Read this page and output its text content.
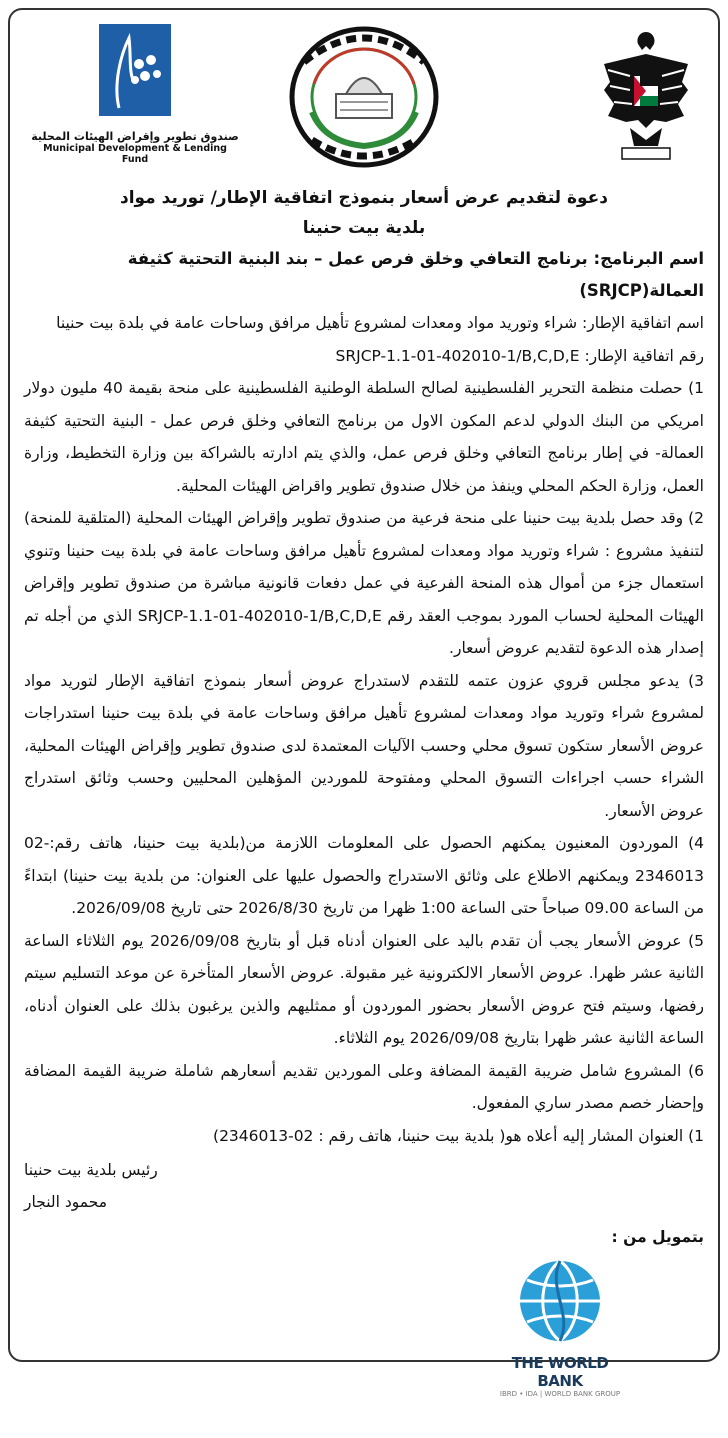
صندوق تطوير وإقراض الهيئات المحلية
Municipal Development & Lending Fund
دعوة لتقديم عرض أسعار بنموذج اتفاقية الإطار/ توريد مواد
بلدية بيت حنينا
اسم البرنامج: برنامج التعافي وخلق فرص عمل – بند البنية التحتية كثيفة العمالة(SRJCP)

اسم اتفاقية الإطار: شراء وتوريد مواد ومعدات لمشروع تأهيل مرافق وساحات عامة في بلدة بيت حنينا

رقم اتفاقية الإطار: SRJCP-1.1-01-402010-1/B,C,D,E

1) حصلت منظمة التحرير الفلسطينية لصالح السلطة الوطنية الفلسطينية على منحة بقيمة 40 مليون دولار امريكي من البنك الدولي لدعم المكون الاول من برنامج التعافي وخلق فرص عمل - البنية التحتية كثيفة العمالة- في إطار برنامج التعافي وخلق فرص عمل، والذي يتم ادارته بالشراكة بين وزارة التخطيط، وزارة العمل، وزارة الحكم المحلي وينفذ من خلال صندوق تطوير واقراض الهيئات المحلية.

2) وقد حصل بلدية بيت حنينا على منحة فرعية من صندوق تطوير وإقراض الهيئات المحلية (المتلقية للمنحة) لتنفيذ مشروع : شراء وتوريد مواد ومعدات لمشروع تأهيل مرافق وساحات عامة في بلدة بيت حنينا وتنوي استعمال جزء من أموال هذه المنحة الفرعية في عمل دفعات قانونية مباشرة من صندوق تطوير وإقراض الهيئات المحلية لحساب المورد بموجب العقد رقم SRJCP-1.1-01-402010-1/B,C,D,E الذي من أجله تم إصدار هذه الدعوة لتقديم عروض أسعار.

3) يدعو مجلس قروي عزون عتمه للتقدم لاستدراج عروض أسعار بنموذج اتفاقية الإطار لتوريد مواد لمشروع شراء وتوريد مواد ومعدات لمشروع تأهيل مرافق وساحات عامة في بلدة بيت حنينا استدراجات عروض الأسعار ستكون تسوق محلي وحسب الآليات المعتمدة لدى صندوق تطوير وإقراض الهيئات المحلية، الشراء حسب اجراءات التسوق المحلي ومفتوحة للموردين المؤهلين المحليين وحسب وثائق استدراج عروض الأسعار.

4) الموردون المعنيون يمكنهم الحصول على المعلومات اللازمة من(بلدية بيت حنينا، هاتف رقم:-02 2346013 ويمكنهم الاطلاع على وثائق الاستدراج والحصول عليها على العنوان: من بلدية بيت حنينا) ابتداءً من الساعة 09.00 صباحاً حتى الساعة 1:00 ظهرا من تاريخ 2026/8/30 حتى تاريخ 2026/09/08.

5) عروض الأسعار يجب أن تقدم باليد على العنوان أدناه قبل أو بتاريخ 2026/09/08 يوم الثلاثاء الساعة الثانية عشر ظهرا. عروض الأسعار الالكترونية غير مقبولة. عروض الأسعار المتأخرة عن موعد التسليم سيتم رفضها، وسيتم فتح عروض الأسعار بحضور الموردون أو ممثليهم والذين يرغبون بذلك على العنوان أدناه، الساعة الثانية عشر ظهرا بتاريخ 2026/09/08 يوم الثلاثاء.

6) المشروع شامل ضريبة القيمة المضافة وعلى الموردين تقديم أسعارهم شاملة ضريبة القيمة المضافة وإحضار خصم مصدر ساري المفعول.

1) العنوان المشار إليه أعلاه هو( بلدية بيت حنينا، هاتف رقم : 02-2346013)

رئيس بلدية بيت حنينا
محمود النجار
بتمويل من :
THE WORLD BANK
IBRD • IDA | WORLD BANK GROUP
